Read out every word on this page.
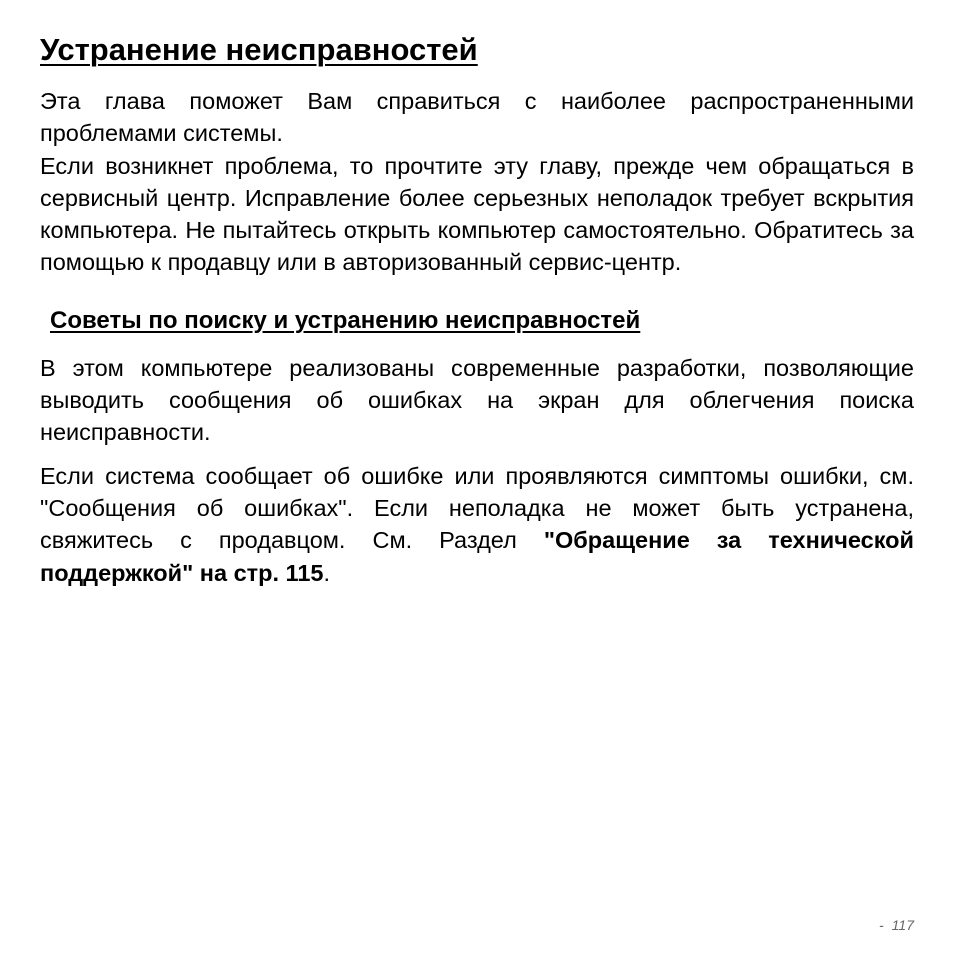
Устранение неисправностей

Эта глава поможет Вам справиться с наиболее распространенными проблемами системы.

Если возникнет проблема, то прочтите эту главу, прежде чем обращаться в сервисный центр. Исправление более серьезных неполадок требует вскрытия компьютера. Не пытайтесь открыть компьютер самостоятельно. Обратитесь за помощью к продавцу или в авторизованный сервис-центр.

Советы по поиску и устранению неисправностей

В этом компьютере реализованы современные разработки, позволяющие выводить сообщения об ошибках на экран для облегчения поиска неисправности.

Если система сообщает об ошибке или проявляются симптомы ошибки, см. "Сообщения об ошибках". Если неполадка не может быть устранена, свяжитесь с продавцом. См. Раздел "Обращение за технической поддержкой" на стр. 115.

- 117
